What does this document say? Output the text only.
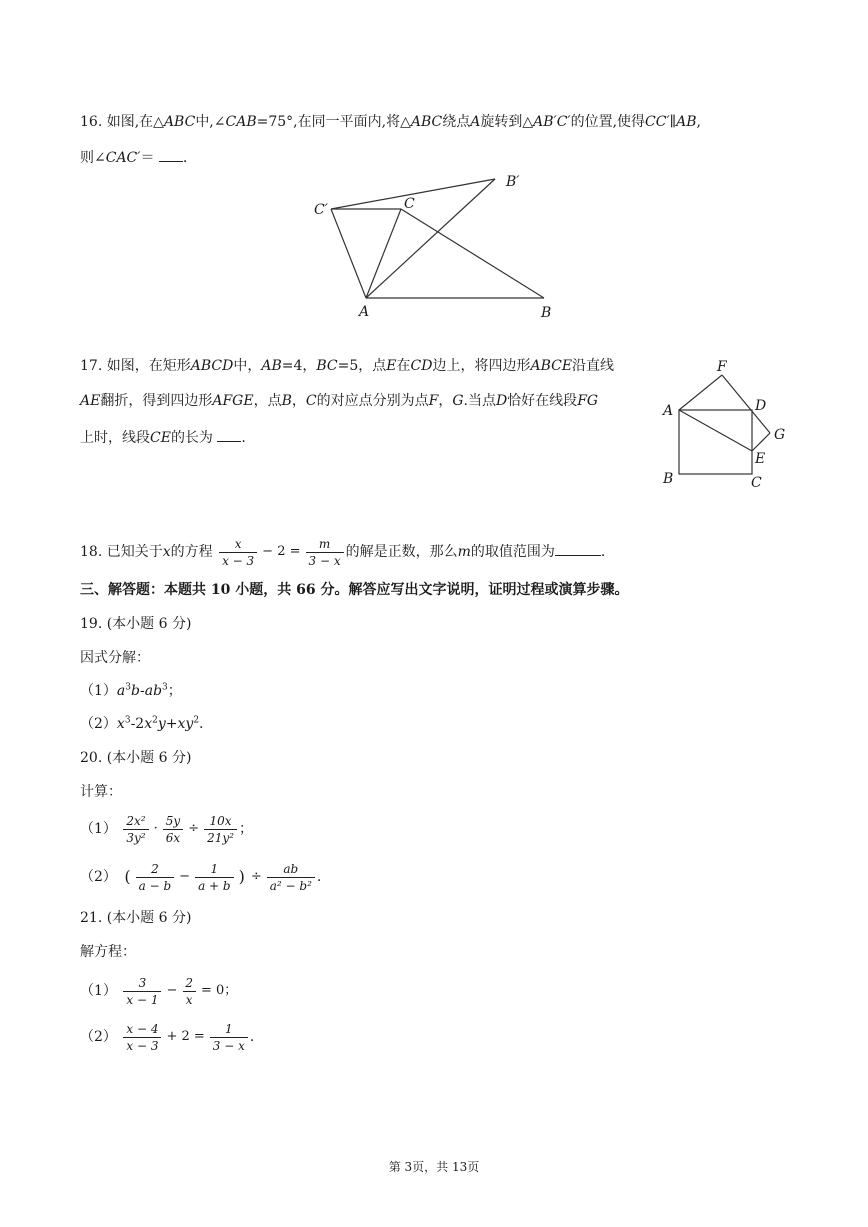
16. 如图,在△ABC中,∠CAB=75°,在同一平面内,将△ABC绕点A旋转到△AB′C′的位置,使得CC′∥AB,
则∠CAC′＝ .
C′	C
B′
A	B
17. 如图，在矩形ABCD中，AB=4，BC=5，点E在CD边上，将四边形ABCE沿直线
AE翻折，得到四边形AFGE，点B，C的对应点分别为点F，G.当点D恰好在线段FG
上时，线段CE的长为 .
F
A	D
G
E
B	C
18. 已知关于x的方程 $\frac{x}{x - 3} - 2 = \frac{m}{3 - x}$ 的解是正数，那么m的取值范围为	.
三、解答题：本题共 10 小题，共 66 分。解答应写出文字说明，证明过程或演算步骤。
19. (本小题 6 分)
因式分解：
$(1)a^3b-ab^3$；
$(2)x^3-2x^2y+xy^2$.
20. (本小题 6 分)
计算：
$(1) \frac{\text{2x²}}{\text{3y²}} \cdot \frac{5y}{6x} \div \frac{10x}{\text{21y²}}$ ；
（2） ( $\frac{2}{a - b} - \frac{1}{a + b}$ ) ÷ $\frac{ab}{\text{a² − b²}}$ .
21. (本小题 6 分)
解方程：
$(1) \frac{3}{x - 1} - \frac{2}{x} = 0$；
$(2) \frac{x - 4}{x - 3} + 2 = \frac{1}{3 - x}$ .
第 3页，共 13页
